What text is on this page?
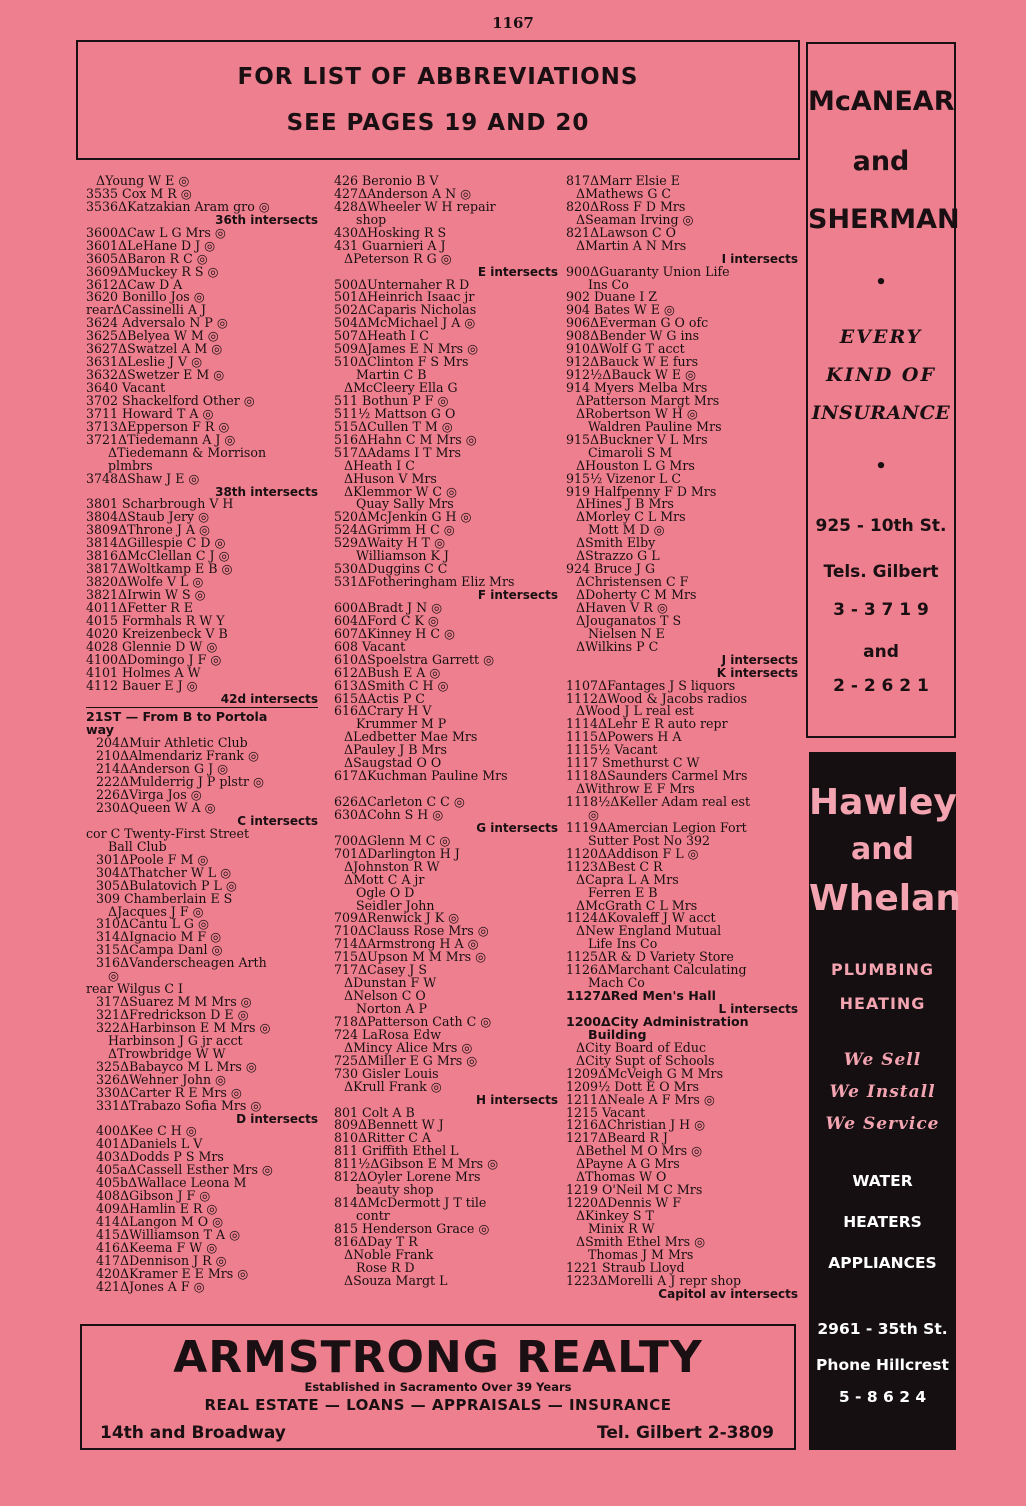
1167
FOR LIST OF ABBREVIATIONS
SEE PAGES 19 AND 20
ΔYoung W E ◎
3535 Cox M R ◎
3536ΔKatzakian Aram gro ◎
36th intersects
3600ΔCaw L G Mrs ◎
3601ΔLeHane D J ◎
3605ΔBaron R C ◎
3609ΔMuckey R S ◎
3612ΔCaw D A
3620 Bonillo Jos ◎
rearΔCassinelli A J
3624 Adversalo N P ◎
3625ΔBelyea W M ◎
3627ΔSwatzel A M ◎
3631ΔLeslie J V ◎
3632ΔSwetzer E M ◎
3640 Vacant
3702 Shackelford Other ◎
3711 Howard T A ◎
3713ΔEpperson F R ◎
3721ΔTiedemann A J ◎
ΔTiedemann & Morrison
plmbrs
3748ΔShaw J E ◎
38th intersects
3801 Scharbrough V H
3804ΔStaub Jery ◎
3809ΔThrone J A ◎
3814ΔGillespie C D ◎
3816ΔMcClellan C J ◎
3817ΔWoltkamp E B ◎
3820ΔWolfe V L ◎
3821ΔIrwin W S ◎
4011ΔFetter R E
4015 Formhals R W Y
4020 Kreizenbeck V B
4028 Glennie D W ◎
4100ΔDomingo J F ◎
4101 Holmes A W
4112 Bauer E J ◎
42d intersects
21ST — From B to Portola
way
204ΔMuir Athletic Club
210ΔAlmendariz Frank ◎
214ΔAnderson G J ◎
222ΔMulderrig J P plstr ◎
226ΔVirga Jos ◎
230ΔQueen W A ◎
C intersects
cor C Twenty-First Street
Ball Club
301ΔPoole F M ◎
304ΔThatcher W L ◎
305ΔBulatovich P L ◎
309 Chamberlain E S
ΔJacques J F ◎
310ΔCantu L G ◎
314ΔIgnacio M F ◎
315ΔCampa Danl ◎
316ΔVanderscheagen Arth
◎
rear Wilgus C I
317ΔSuarez M M Mrs ◎
321ΔFredrickson D E ◎
322ΔHarbinson E M Mrs ◎
Harbinson J G jr acct
ΔTrowbridge W W
325ΔBabayco M L Mrs ◎
326ΔWehner John ◎
330ΔCarter R E Mrs ◎
331ΔTrabazo Sofia Mrs ◎
D intersects
400ΔKee C H ◎
401ΔDaniels L V
403ΔDodds P S Mrs
405aΔCassell Esther Mrs ◎
405bΔWallace Leona M
408ΔGibson J F ◎
409ΔHamlin E R ◎
414ΔLangon M O ◎
415ΔWilliamson T A ◎
416ΔKeema F W ◎
417ΔDennison J R ◎
420ΔKramer E E Mrs ◎
421ΔJones A F ◎
426 Beronio B V
427ΔAnderson A N ◎
428ΔWheeler W H repair
shop
430ΔHosking R S
431 Guarnieri A J
ΔPeterson R G ◎
E intersects
500ΔUnternaher R D
501ΔHeinrich Isaac jr
502ΔCaparis Nicholas
504ΔMcMichael J A ◎
507ΔHeath I C
509ΔJames E N Mrs ◎
510ΔClinton F S Mrs
Martin C B
ΔMcCleery Ella G
511 Bothun P F ◎
511½ Mattson G O
515ΔCullen T M ◎
516ΔHahn C M Mrs ◎
517ΔAdams I T Mrs
ΔHeath I C
ΔHuson V Mrs
ΔKlemmor W C ◎
Quay Sally Mrs
520ΔMcJenkin G H ◎
524ΔGrimm H C ◎
529ΔWaity H T ◎
Williamson K J
530ΔDuggins C C
531ΔFotheringham Eliz Mrs
F intersects
600ΔBradt J N ◎
604ΔFord C K ◎
607ΔKinney H C ◎
608 Vacant
610ΔSpoelstra Garrett ◎
612ΔBush E A ◎
613ΔSmith C H ◎
615ΔActis P C
616ΔCrary H V
Krummer M P
ΔLedbetter Mae Mrs
ΔPauley J B Mrs
ΔSaugstad O O
617ΔKuchman Pauline Mrs
626ΔCarleton C C ◎
630ΔCohn S H ◎
G intersects
700ΔGlenn M C ◎
701ΔDarlington H J
ΔJohnston R W
ΔMott C A jr
Ogle O D
Seidler John
709ΔRenwick J K ◎
710ΔClauss Rose Mrs ◎
714ΔArmstrong H A ◎
715ΔUpson M M Mrs ◎
717ΔCasey J S
ΔDunstan F W
ΔNelson C O
Norton A P
718ΔPatterson Cath C ◎
724 LaRosa Edw
ΔMincy Alice Mrs ◎
725ΔMiller E G Mrs ◎
730 Gisler Louis
ΔKrull Frank ◎
H intersects
801 Colt A B
809ΔBennett W J
810ΔRitter C A
811 Griffith Ethel L
811½ΔGibson E M Mrs ◎
812ΔOyler Lorene Mrs
beauty shop
814ΔMcDermott J T tile
contr
815 Henderson Grace ◎
816ΔDay T R
ΔNoble Frank
Rose R D
ΔSouza Margt L
817ΔMarr Elsie E
ΔMathews G C
820ΔRoss F D Mrs
ΔSeaman Irving ◎
821ΔLawson C O
ΔMartin A N Mrs
I intersects
900ΔGuaranty Union Life
Ins Co
902 Duane I Z
904 Bates W E ◎
906ΔEverman G O ofc
908ΔBender W G ins
910ΔWolf G T acct
912ΔBauck W E furs
912½ΔBauck W E ◎
914 Myers Melba Mrs
ΔPatterson Margt Mrs
ΔRobertson W H ◎
Waldren Pauline Mrs
915ΔBuckner V L Mrs
Cimaroli S M
ΔHouston L G Mrs
915½ Vizenor L C
919 Halfpenny F D Mrs
ΔHines J B Mrs
ΔMorley C L Mrs
Mott M D ◎
ΔSmith Elby
ΔStrazzo G L
924 Bruce J G
ΔChristensen C F
ΔDoherty C M Mrs
ΔHaven V R ◎
ΔJouganatos T S
Nielsen N E
ΔWilkins P C
J intersects
K intersects
1107ΔFantages J S liquors
1112ΔWood & Jacobs radios
ΔWood J L real est
1114ΔLehr E R auto repr
1115ΔPowers H A
1115½ Vacant
1117 Smethurst C W
1118ΔSaunders Carmel Mrs
ΔWithrow E F Mrs
1118½ΔKeller Adam real est
◎
1119ΔAmercian Legion Fort
Sutter Post No 392
1120ΔAddison F L ◎
1123ΔBest C R
ΔCapra L A Mrs
Ferren E B
ΔMcGrath C L Mrs
1124ΔKovaleff J W acct
ΔNew England Mutual
Life Ins Co
1125ΔR & D Variety Store
1126ΔMarchant Calculating
Mach Co
1127ΔRed Men's Hall
L intersects
1200ΔCity Administration
Building
ΔCity Board of Educ
ΔCity Supt of Schools
1209ΔMcVeigh G M Mrs
1209½ Dott E O Mrs
1211ΔNeale A F Mrs ◎
1215 Vacant
1216ΔChristian J H ◎
1217ΔBeard R J
ΔBethel M O Mrs ◎
ΔPayne A G Mrs
ΔThomas W O
1219 O'Neil M C Mrs
1220ΔDennis W F
ΔKinkey S T
Minix R W
ΔSmith Ethel Mrs ◎
Thomas J M Mrs
1221 Straub Lloyd
1223ΔMorelli A J repr shop
Capitol av intersects
McANEAR
and
SHERMAN
•
EVERY
KIND OF
INSURANCE
•
925 - 10th St.
Tels. Gilbert
3 - 3 7 1 9
and
2 - 2 6 2 1
Hawley
and
Whelan
PLUMBING
HEATING
We Sell
We Install
We Service
WATER
HEATERS
APPLIANCES
2961 - 35th St.
Phone Hillcrest
5 - 8 6 2 4
ARMSTRONG REALTY
Established in Sacramento Over 39 Years
REAL ESTATE — LOANS — APPRAISALS — INSURANCE
14th and Broadway	Tel. Gilbert 2-3809
